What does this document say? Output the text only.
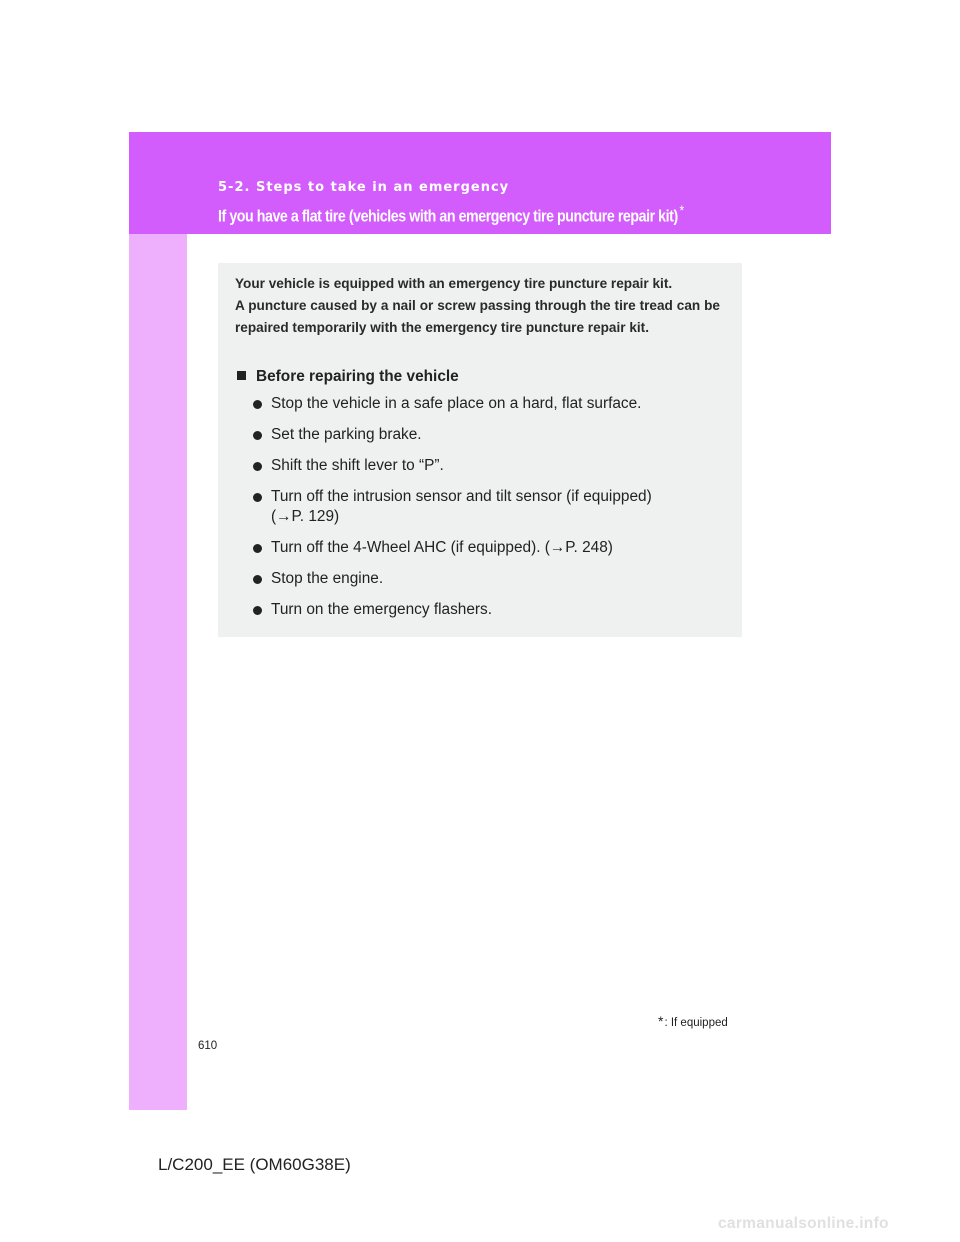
5-2. Steps to take in an emergency
If you have a flat tire (vehicles with an emergency tire puncture repair kit) *

Your vehicle is equipped with an emergency tire puncture repair kit.

A puncture caused by a nail or screw passing through the tire tread can be repaired temporarily with the emergency tire puncture repair kit.

Before repairing the vehicle
Stop the vehicle in a safe place on a hard, flat surface.
Set the parking brake.
Shift the shift lever to “P”.
Turn off the intrusion sensor and tilt sensor (if equipped)
(→P. 129)
Turn off the 4-Wheel AHC (if equipped). (→P. 248)
Stop the engine.
Turn on the emergency flashers.
*: If equipped
610
L/C200_EE (OM60G38E)
carmanualsonline.info
